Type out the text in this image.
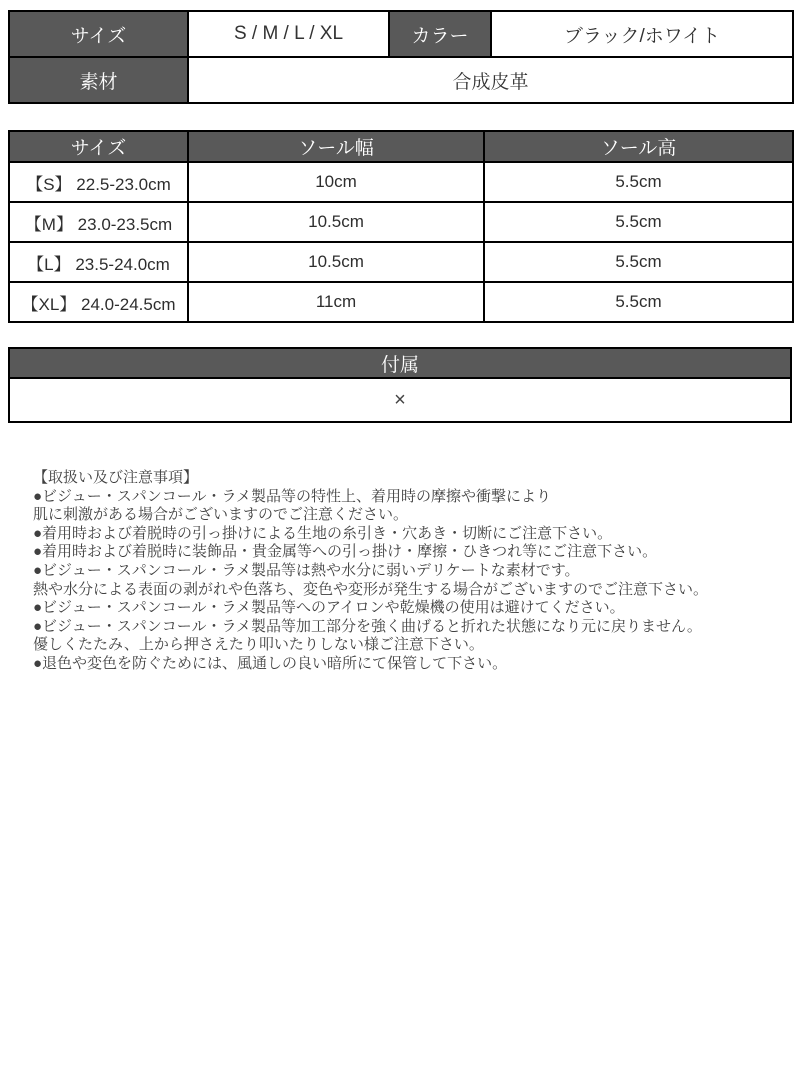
サイズ	S / M / L / XL	カラー	ブラック/ホワイト
素材	合成皮革		
サイズ	ソール幅	ソール高
【S】 22.5-23.0cm	10cm	5.5cm
【M】 23.0-23.5cm	10.5cm	5.5cm
【L】 23.5-24.0cm	10.5cm	5.5cm
【XL】 24.0-24.5cm	11cm	5.5cm
付属
×
【取扱い及び注意事項】
●ビジュー・スパンコール・ラメ製品等の特性上、着用時の摩擦や衝撃により
肌に刺激がある場合がございますのでご注意ください。
●着用時および着脱時の引っ掛けによる生地の糸引き・穴あき・切断にご注意下さい。
●着用時および着脱時に装飾品・貴金属等への引っ掛け・摩擦・ひきつれ等にご注意下さい。
●ビジュー・スパンコール・ラメ製品等は熱や水分に弱いデリケートな素材です。
熱や水分による表面の剥がれや色落ち、変色や変形が発生する場合がございますのでご注意下さい。
●ビジュー・スパンコール・ラメ製品等へのアイロンや乾燥機の使用は避けてください。
●ビジュー・スパンコール・ラメ製品等加工部分を強く曲げると折れた状態になり元に戻りません。
優しくたたみ、上から押さえたり叩いたりしない様ご注意下さい。
●退色や変色を防ぐためには、風通しの良い暗所にて保管して下さい。
